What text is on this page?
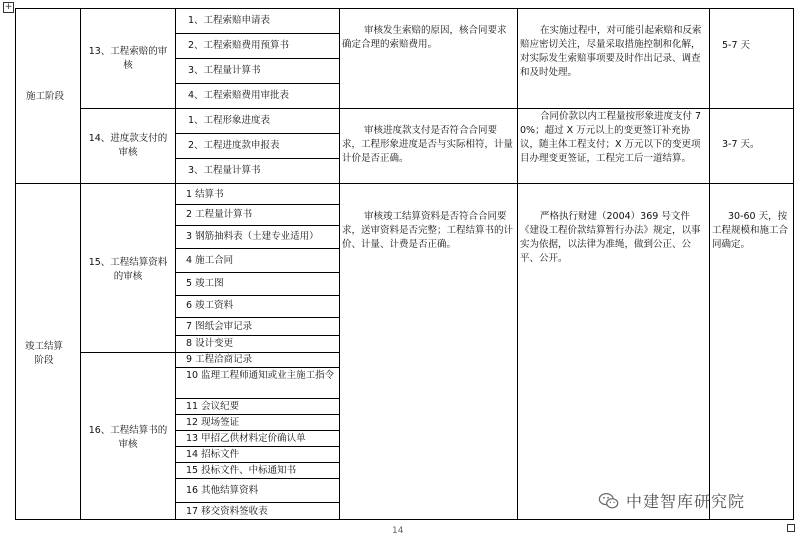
施工阶段
竣工结算阶段
13、工程索赔的审核
1、工程索赔申请表
2、工程索赔费用预算书
3、工程量计算书
4、工程索赔费用审批表
审核发生索赔的原因，核合同要求确定合理的索赔费用。
在实施过程中，对可能引起索赔和反索赔应密切关注，尽量采取措施控制和化解，对实际发生索赔事项要及时作出记录、调查和及时处理。
5-7 天
14、进度款支付的审核
1、工程形象进度表
2、工程进度款申报表
3、工程量计算书
审核进度款支付是否符合合同要求，工程形象进度是否与实际相符，计量计价是否正确。
合同价款以内工程量按形象进度支付 70%；超过 X 万元以上的变更签订补充协议，随主体工程支付；X 万元以下的变更项目办理变更签证，工程完工后一道结算。
3-7 天。
15、工程结算资料的审核
1 结算书
2 工程量计算书
3 钢筋抽料表（土建专业适用）
4 施工合同
5 竣工图
6 竣工资料
7 图纸会审记录
8 设计变更
审核竣工结算资料是否符合合同要求，送审资料是否完整；工程结算书的计价、计量、计费是否正确。
严格执行财建（2004）369 号文件《建设工程价款结算暂行办法》规定，以事实为依据，以法律为准绳，做到公正、公平、公开。
30-60 天，按工程规模和施工合同确定。
16、工程结算书的审核
9 工程洽商记录
10 监理工程师通知或业主施工指令
11 会议纪要
12 现场签证
13 甲招乙供材料定价确认单
14 招标文件
15 投标文件、中标通知书
16 其他结算资料
17 移交资料签收表
+
14
中建智库研究院
